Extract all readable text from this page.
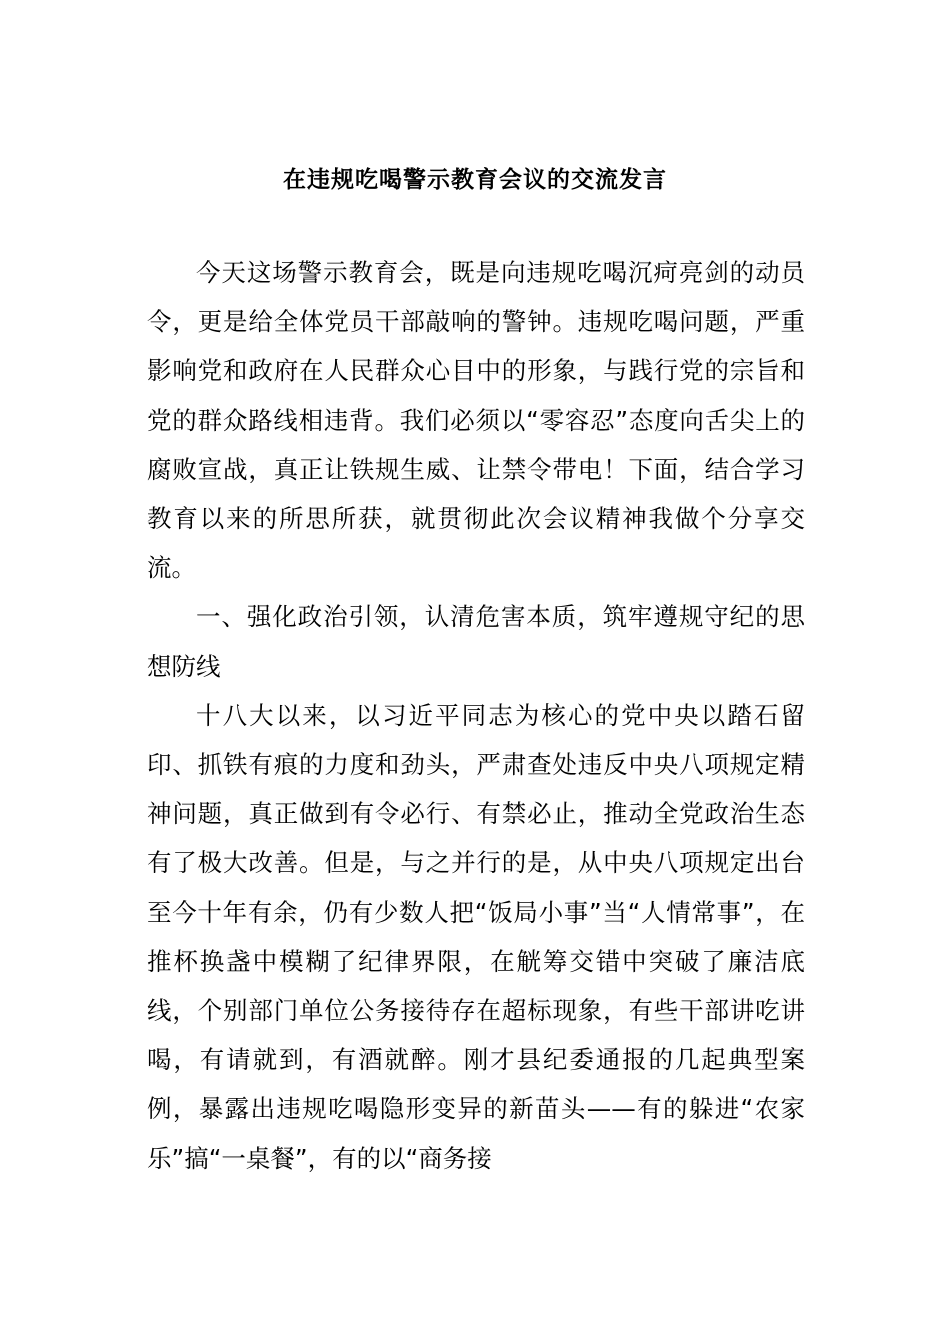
在违规吃喝警示教育会议的交流发言

今天这场警示教育会，既是向违规吃喝沉疴亮剑的动员令，更是给全体党员干部敲响的警钟。违规吃喝问题，严重影响党和政府在人民群众心目中的形象，与践行党的宗旨和党的群众路线相违背。我们必须以“零容忍”态度向舌尖上的腐败宣战，真正让铁规生威、让禁令带电！下面，结合学习教育以来的所思所获，就贯彻此次会议精神我做个分享交流。

一、强化政治引领，认清危害本质，筑牢遵规守纪的思想防线

十八大以来，以习近平同志为核心的党中央以踏石留印、抓铁有痕的力度和劲头，严肃查处违反中央八项规定精神问题，真正做到有令必行、有禁必止，推动全党政治生态有了极大改善。但是，与之并行的是，从中央八项规定出台至今十年有余，仍有少数人把“饭局小事”当“人情常事”，在推杯换盏中模糊了纪律界限，在觥筹交错中突破了廉洁底线，个别部门单位公务接待存在超标现象，有些干部讲吃讲喝，有请就到，有酒就醉。刚才县纪委通报的几起典型案例，暴露出违规吃喝隐形变异的新苗头——有的躲进“农家乐”搞“一桌餐”，有的以“商务接
